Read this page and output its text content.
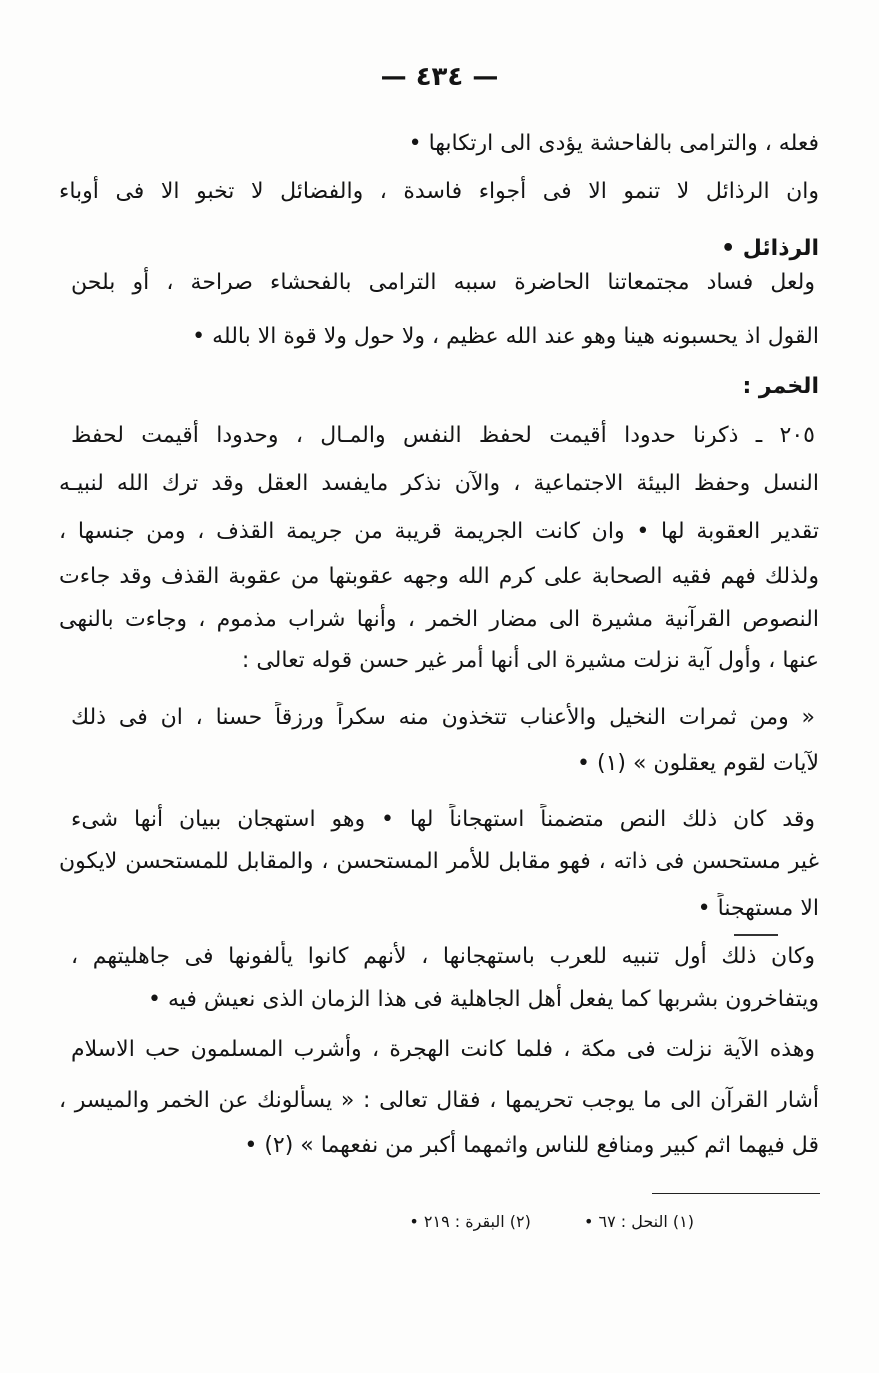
— ٤٣٤ —
فعله ، والترامى بالفاحشة يؤدى الى ارتكابها •
وان الرذائل لا تنمو الا فى أجواء فاسدة ، والفضائل لا تخبو الا فى أوباء
الرذائل •
ولعل فساد مجتمعاتنا الحاضرة سببه الترامى بالفحشاء صراحة ، أو بلحن
القول اذ يحسبونه هينا وهو عند الله عظيم ، ولا حول ولا قوة الا بالله •
الخمر :
٢٠٥ ـ ذكرنا حدودا أقيمت لحفظ النفس والمـال ، وحدودا أقيمت لحفظ
النسل وحفظ البيئة الاجتماعية ، والآن نذكر مايفسد العقل وقد ترك الله لنبيـه
تقدير العقوبة لها • وان كانت الجريمة قريبة من جريمة القذف ، ومن جنسها ،
ولذلك فهم فقيه الصحابة على كرم الله وجهه عقوبتها من عقوبة القذف وقد جاءت
النصوص القرآنية مشيرة الى مضار الخمر ، وأنها شراب مذموم ، وجاءت بالنهى
عنها ، وأول آية نزلت مشيرة الى أنها أمر غير حسن قوله تعالى :
« ومن ثمرات النخيل والأعناب تتخذون منه سكراً ورزقاً حسنا ، ان فى ذلك
لآيات لقوم يعقلون » (١) •
وقد كان ذلك النص متضمناً استهجاناً لها • وهو استهجان ببيان أنها شىء
غير مستحسن فى ذاته ، فهو مقابل للأمر المستحسن ، والمقابل للمستحسن لايكون
الا مستهجناً •
وكان ذلك أول تنبيه للعرب باستهجانها ، لأنهم كانوا يألفونها فى جاهليتهم ،
ويتفاخرون بشربها كما يفعل أهل الجاهلية فى هذا الزمان الذى نعيش فيه •
وهذه الآية نزلت فى مكة ، فلما كانت الهجرة ، وأشرب المسلمون حب الاسلام
أشار القرآن الى ما يوجب تحريمها ، فقال تعالى : « يسألونك عن الخمر والميسر ،
قل فيهما اثم كبير ومنافع للناس واثمهما أكبر من نفعهما » (٢) •
(١) النحل : ٦٧ • (٢) البقرة : ٢١٩ •
